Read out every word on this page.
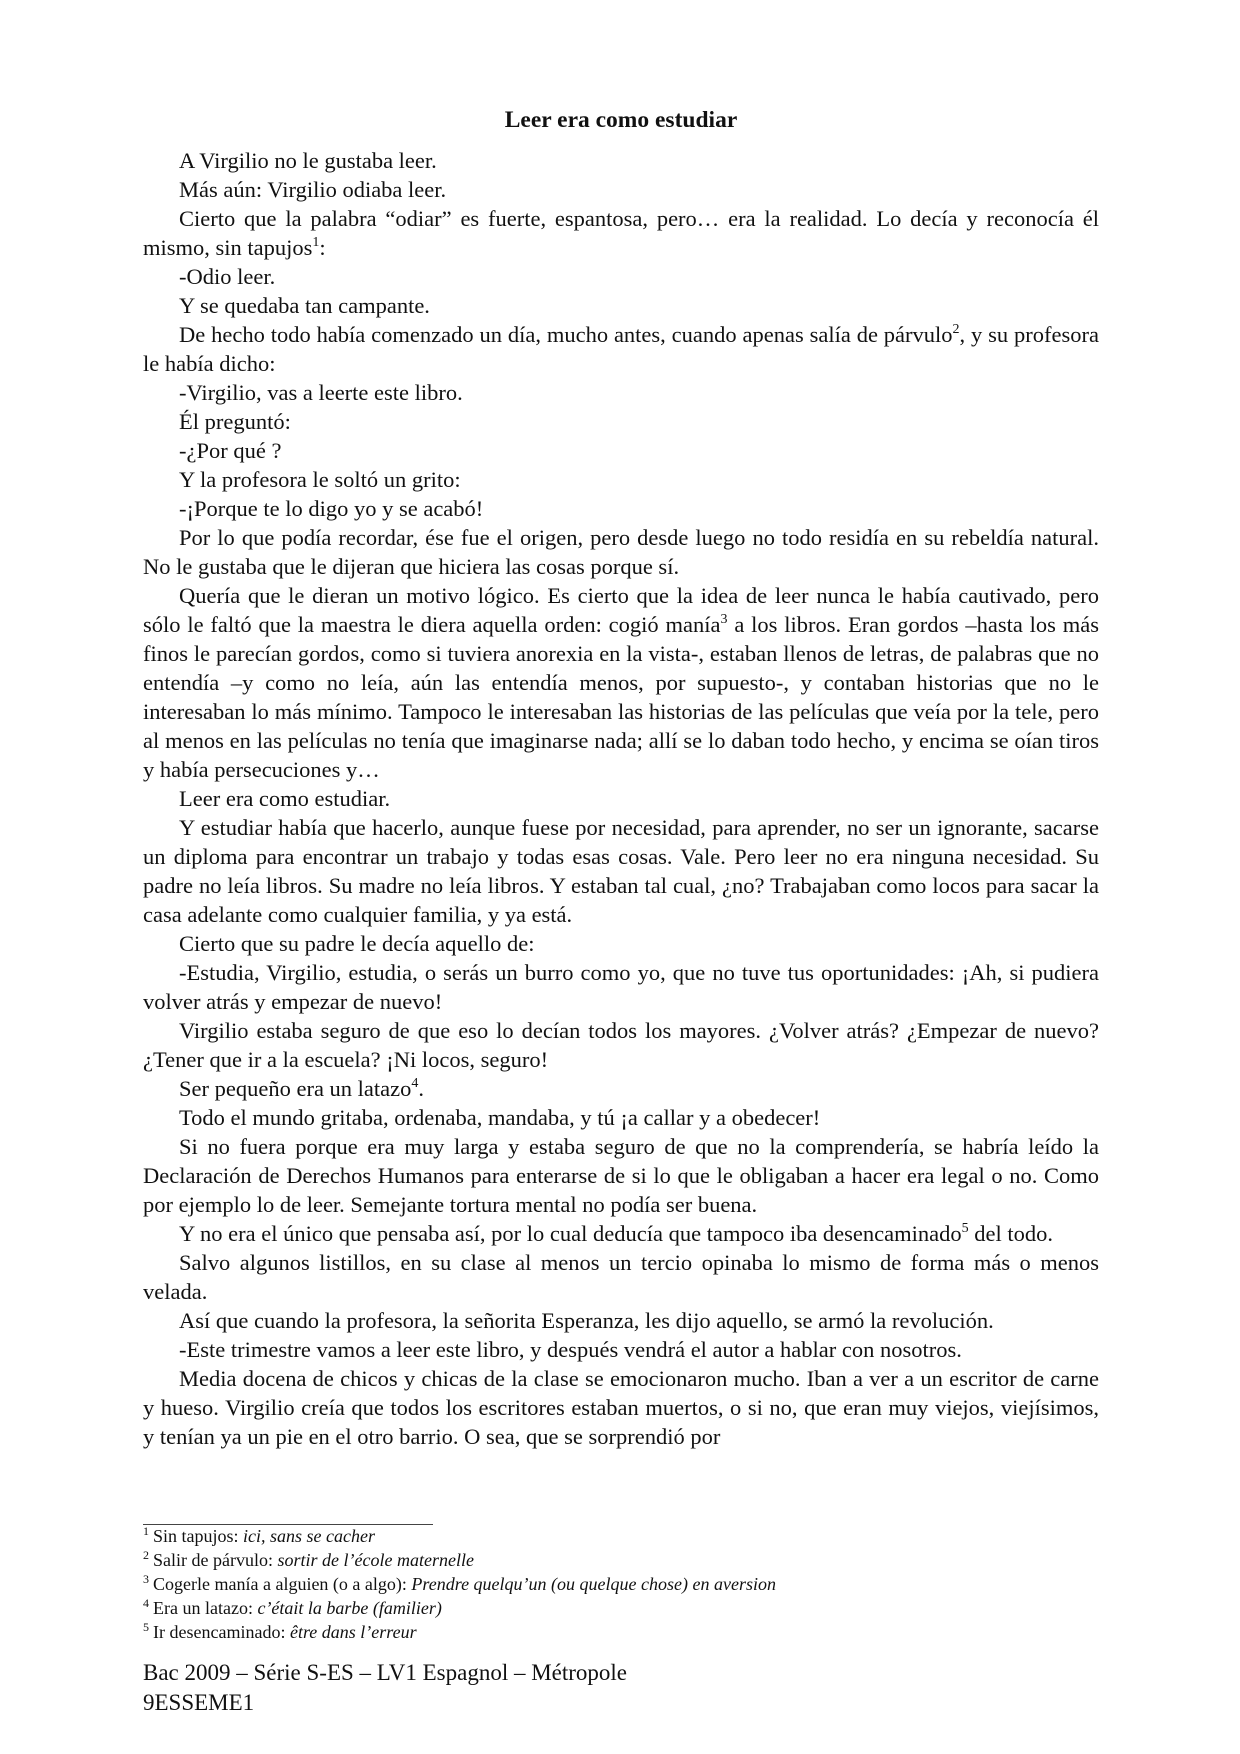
Leer era como estudiar

A Virgilio no le gustaba leer.

Más aún: Virgilio odiaba leer.

Cierto que la palabra “odiar” es fuerte, espantosa, pero… era la realidad. Lo decía y reconocía él mismo, sin tapujos$^1$:

-Odio leer.

Y se quedaba tan campante.

De hecho todo había comenzado un día, mucho antes, cuando apenas salía de párvulo$^2$, y su profesora le había dicho:

-Virgilio, vas a leerte este libro.

Él preguntó:

-¿Por qué ?

Y la profesora le soltó un grito:

-¡Porque te lo digo yo y se acabó!

Por lo que podía recordar, ése fue el origen, pero desde luego no todo residía en su rebeldía natural. No le gustaba que le dijeran que hiciera las cosas porque sí.

Quería que le dieran un motivo lógico. Es cierto que la idea de leer nunca le había cautivado, pero sólo le faltó que la maestra le diera aquella orden: cogió manía$^3$ a los libros. Eran gordos –hasta los más finos le parecían gordos, como si tuviera anorexia en la vista-, estaban llenos de letras, de palabras que no entendía –y como no leía, aún las entendía menos, por supuesto-, y contaban historias que no le interesaban lo más mínimo. Tampoco le interesaban las historias de las películas que veía por la tele, pero al menos en las películas no tenía que imaginarse nada; allí se lo daban todo hecho, y encima se oían tiros y había persecuciones y…

Leer era como estudiar.

Y estudiar había que hacerlo, aunque fuese por necesidad, para aprender, no ser un ignorante, sacarse un diploma para encontrar un trabajo y todas esas cosas. Vale. Pero leer no era ninguna necesidad. Su padre no leía libros. Su madre no leía libros. Y estaban tal cual, ¿no? Trabajaban como locos para sacar la casa adelante como cualquier familia, y ya está.

Cierto que su padre le decía aquello de:

-Estudia, Virgilio, estudia, o serás un burro como yo, que no tuve tus oportunidades: ¡Ah, si pudiera volver atrás y empezar de nuevo!

Virgilio estaba seguro de que eso lo decían todos los mayores. ¿Volver atrás? ¿Empezar de nuevo? ¿Tener que ir a la escuela? ¡Ni locos, seguro!

Ser pequeño era un latazo$^4$.

Todo el mundo gritaba, ordenaba, mandaba, y tú ¡a callar y a obedecer!

Si no fuera porque era muy larga y estaba seguro de que no la comprendería, se habría leído la Declaración de Derechos Humanos para enterarse de si lo que le obligaban a hacer era legal o no. Como por ejemplo lo de leer. Semejante tortura mental no podía ser buena.

Y no era el único que pensaba así, por lo cual deducía que tampoco iba desencaminado$^5$ del todo.

Salvo algunos listillos, en su clase al menos un tercio opinaba lo mismo de forma más o menos velada.

Así que cuando la profesora, la señorita Esperanza, les dijo aquello, se armó la revolución.

-Este trimestre vamos a leer este libro, y después vendrá el autor a hablar con nosotros.

Media docena de chicos y chicas de la clase se emocionaron mucho. Iban a ver a un escritor de carne y hueso. Virgilio creía que todos los escritores estaban muertos, o si no, que eran muy viejos, viejísimos, y tenían ya un pie en el otro barrio. O sea, que se sorprendió por

$^1$ Sin tapujos: ici, sans se cacher
$^2$ Salir de párvulo: sortir de l’école maternelle
$^3$ Cogerle manía a alguien (o a algo): Prendre quelqu’un (ou quelque chose) en aversion
$^4$ Era un latazo: c’était la barbe (familier)
$^5$ Ir desencaminado: être dans l’erreur
Bac 2009 – Série S-ES – LV1 Espagnol – Métropole
9ESSEME1
